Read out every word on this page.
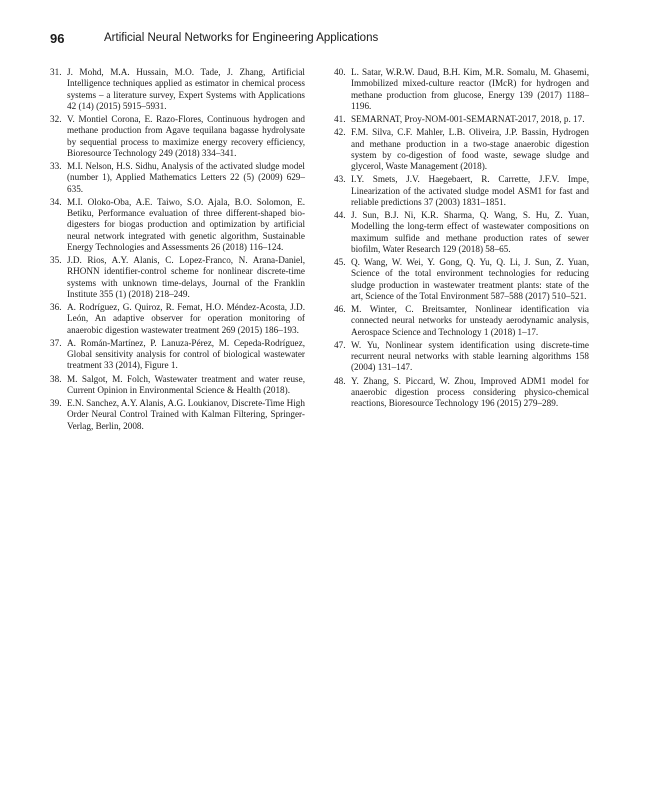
96	Artificial Neural Networks for Engineering Applications
31. J. Mohd, M.A. Hussain, M.O. Tade, J. Zhang, Artificial Intelligence techniques applied as estimator in chemical process systems – a literature survey, Expert Systems with Applications 42 (14) (2015) 5915–5931.
32. V. Montiel Corona, E. Razo-Flores, Continuous hydrogen and methane production from Agave tequilana bagasse hydrolysate by sequential process to maximize energy recovery efficiency, Bioresource Technology 249 (2018) 334–341.
33. M.I. Nelson, H.S. Sidhu, Analysis of the activated sludge model (number 1), Applied Mathematics Letters 22 (5) (2009) 629–635.
34. M.I. Oloko-Oba, A.E. Taiwo, S.O. Ajala, B.O. Solomon, E. Betiku, Performance evaluation of three different-shaped bio-digesters for biogas production and optimization by artificial neural network integrated with genetic algorithm, Sustainable Energy Technologies and Assessments 26 (2018) 116–124.
35. J.D. Rios, A.Y. Alanis, C. Lopez-Franco, N. Arana-Daniel, RHONN identifier-control scheme for nonlinear discrete-time systems with unknown time-delays, Journal of the Franklin Institute 355 (1) (2018) 218–249.
36. A. Rodríguez, G. Quiroz, R. Femat, H.O. Méndez-Acosta, J.D. León, An adaptive observer for operation monitoring of anaerobic digestion wastewater treatment 269 (2015) 186–193.
37. A. Román-Martínez, P. Lanuza-Pérez, M. Cepeda-Rodríguez, Global sensitivity analysis for control of biological wastewater treatment 33 (2014), Figure 1.
38. M. Salgot, M. Folch, Wastewater treatment and water reuse, Current Opinion in Environmental Science & Health (2018).
39. E.N. Sanchez, A.Y. Alanis, A.G. Loukianov, Discrete-Time High Order Neural Control Trained with Kalman Filtering, Springer-Verlag, Berlin, 2008.
40. L. Satar, W.R.W. Daud, B.H. Kim, M.R. Somalu, M. Ghasemi, Immobilized mixed-culture reactor (IMcR) for hydrogen and methane production from glucose, Energy 139 (2017) 1188–1196.
41. SEMARNAT, Proy-NOM-001-SEMARNAT-2017, 2018, p. 17.
42. F.M. Silva, C.F. Mahler, L.B. Oliveira, J.P. Bassin, Hydrogen and methane production in a two-stage anaerobic digestion system by co-digestion of food waste, sewage sludge and glycerol, Waste Management (2018).
43. I.Y. Smets, J.V. Haegebaert, R. Carrette, J.F.V. Impe, Linearization of the activated sludge model ASM1 for fast and reliable predictions 37 (2003) 1831–1851.
44. J. Sun, B.J. Ni, K.R. Sharma, Q. Wang, S. Hu, Z. Yuan, Modelling the long-term effect of wastewater compositions on maximum sulfide and methane production rates of sewer biofilm, Water Research 129 (2018) 58–65.
45. Q. Wang, W. Wei, Y. Gong, Q. Yu, Q. Li, J. Sun, Z. Yuan, Science of the total environment technologies for reducing sludge production in wastewater treatment plants: state of the art, Science of the Total Environment 587–588 (2017) 510–521.
46. M. Winter, C. Breitsamter, Nonlinear identification via connected neural networks for unsteady aerodynamic analysis, Aerospace Science and Technology 1 (2018) 1–17.
47. W. Yu, Nonlinear system identification using discrete-time recurrent neural networks with stable learning algorithms 158 (2004) 131–147.
48. Y. Zhang, S. Piccard, W. Zhou, Improved ADM1 model for anaerobic digestion process considering physico-chemical reactions, Bioresource Technology 196 (2015) 279–289.
